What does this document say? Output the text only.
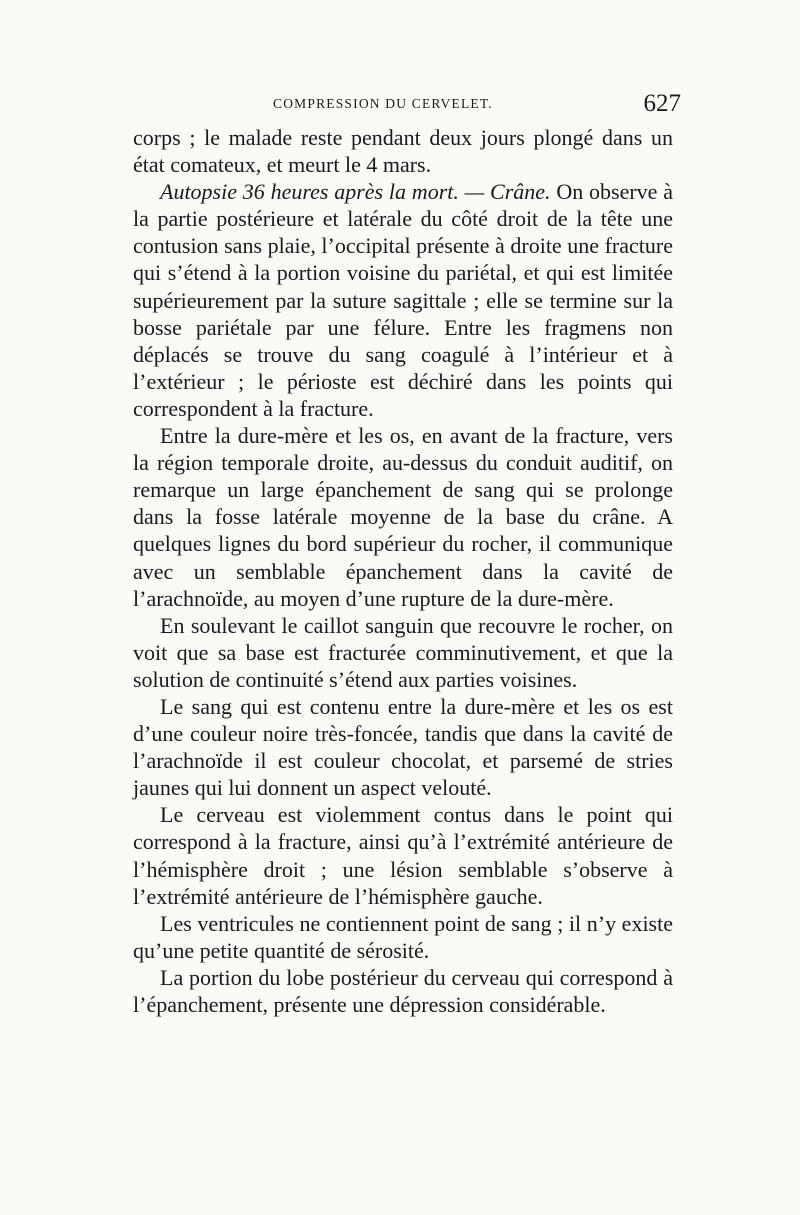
COMPRESSION DU CERVELET.	627

corps ; le malade reste pendant deux jours plongé dans un état comateux, et meurt le 4 mars.

Autopsie 36 heures après la mort. — Crâne. On observe à la partie postérieure et latérale du côté droit de la tête une contusion sans plaie, l’occipital présente à droite une fracture qui s’étend à la portion voisine du pariétal, et qui est limitée supérieurement par la suture sagittale ; elle se termine sur la bosse pariétale par une félure. Entre les fragmens non déplacés se trouve du sang coagulé à l’intérieur et à l’extérieur ; le périoste est déchiré dans les points qui correspondent à la fracture.

Entre la dure-mère et les os, en avant de la fracture, vers la région temporale droite, au-dessus du conduit auditif, on remarque un large épanchement de sang qui se prolonge dans la fosse latérale moyenne de la base du crâne. A quelques lignes du bord supérieur du rocher, il communique avec un semblable épanchement dans la cavité de l’arachnoïde, au moyen d’une rupture de la dure-mère.

En soulevant le caillot sanguin que recouvre le rocher, on voit que sa base est fracturée comminutivement, et que la solution de continuité s’étend aux parties voisines.

Le sang qui est contenu entre la dure-mère et les os est d’une couleur noire très-foncée, tandis que dans la cavité de l’arachnoïde il est couleur chocolat, et parsemé de stries jaunes qui lui donnent un aspect velouté.

Le cerveau est violemment contus dans le point qui correspond à la fracture, ainsi qu’à l’extrémité antérieure de l’hémisphère droit ; une lésion semblable s’observe à l’extrémité antérieure de l’hémisphère gauche.

Les ventricules ne contiennent point de sang ; il n’y existe qu’une petite quantité de sérosité.

La portion du lobe postérieur du cerveau qui correspond à l’épanchement, présente une dépression considérable.
